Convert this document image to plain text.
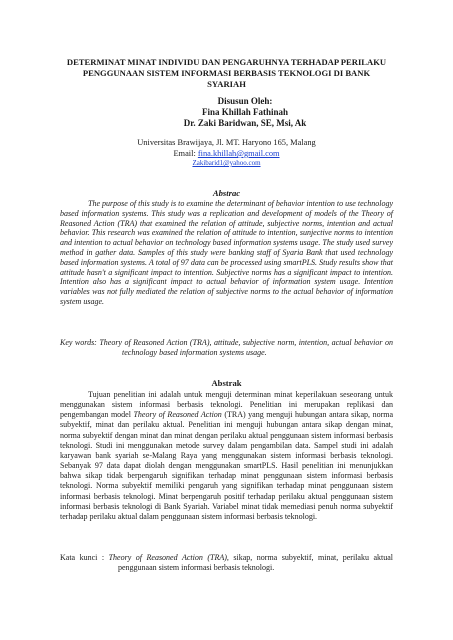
DETERMINAT MINAT INDIVIDU DAN PENGARUHNYA TERHADAP PERILAKU
PENGGUNAAN SISTEM INFORMASI BERBASIS TEKNOLOGI DI BANK
SYARIAH
Disusun Oleh:
Fina Khillah Fathinah
Dr. Zaki Baridwan, SE, Msi, Ak
Universitas Brawijaya, Jl. MT. Haryono 165, Malang
Email: fina.khillah@gmail.com
Zakibarid1@yahoo.com
Abstrac
The purpose of this study is to examine the determinant of behavior intention to use technology based information systems. This study was a replication and development of models of the Theory of Reasoned Action (TRA) that examined the relation of attitude, subjective norms, intention and actual behavior. This research was examined the relation of attitude to intention, sunjective norms to intention and intention to actual behavior on technology based information systems usage. The study used survey method in gather data. Samples of this study were banking staff of Syaria Bank that used technology based information systems. A total of 97 data can be processed using smartPLS. Study results show that attitude hasn't a significant impact to intention. Subjective norms has a significant impact to intention. Intention also has a significant impact to actual behavior of information system usage. Intention variables was not fully mediated the relation of subjective norms to the actual behavior of information system usage.
Key words: Theory of Reasoned Action (TRA), attitude, subjective norm, intention, actual behavior on technology based information systems usage.
Abstrak
Tujuan penelitian ini adalah untuk menguji determinan minat keperilakuan seseorang untuk menggunakan sistem informasi berbasis teknologi. Penelitian ini merupakan replikasi dan pengembangan model Theory of Reasoned Action (TRA) yang menguji hubungan antara sikap, norma subyektif, minat dan perilaku aktual. Penelitian ini menguji hubungan antara sikap dengan minat, norma subyektif dengan minat dan minat dengan perilaku aktual penggunaan sistem informasi berbasis teknologi. Studi ini menggunakan metode survey dalam pengambilan data. Sampel studi ini adalah karyawan bank syariah se-Malang Raya yang menggunakan sistem informasi berbasis teknologi. Sebanyak 97 data dapat diolah dengan menggunakan smartPLS. Hasil penelitian ini menunjukkan bahwa sikap tidak berpengaruh signifikan terhadap minat penggunaan sistem informasi berbasis teknologi. Norma subyektif memiliki pengaruh yang signifikan terhadap minat penggunaan sistem informasi berbasis teknologi. Minat berpengaruh positif terhadap perilaku aktual penggunaan sistem informasi berbasis teknologi di Bank Syariah. Variabel minat tidak memediasi penuh norma subyektif terhadap perilaku aktual dalam penggunaan sistem informasi berbasis teknologi.
Kata kunci : Theory of Reasoned Action (TRA), sikap, norma subyektif, minat, perilaku aktual penggunaan sistem informasi berbasis teknologi.
